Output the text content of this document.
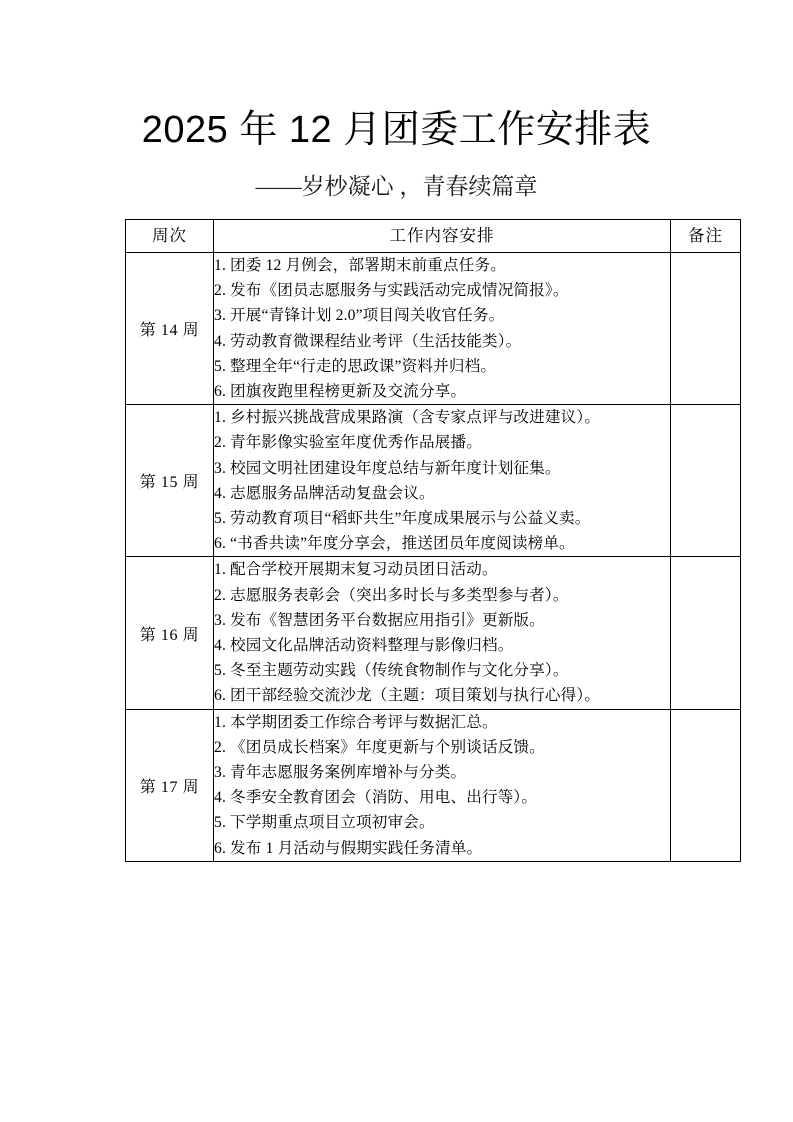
2025 年 12 月团委工作安排表

——岁杪凝心 ，青春续篇章

周次	工作内容安排	备注
第 14 周	
1. 团委 12 月例会，部署期末前重点任务。
2. 发布《团员志愿服务与实践活动完成情况简报》。
3. 开展“青锋计划 2.0”项目闯关收官任务。
4. 劳动教育微课程结业考评（生活技能类）。
5. 整理全年“行走的思政课”资料并归档。
6. 团旗夜跑里程榜更新及交流分享。

第 15 周	
1. 乡村振兴挑战营成果路演（含专家点评与改进建议）。
2. 青年影像实验室年度优秀作品展播。
3. 校园文明社团建设年度总结与新年度计划征集。
4. 志愿服务品牌活动复盘会议。
5. 劳动教育项目“稻虾共生”年度成果展示与公益义卖。
6. “书香共读”年度分享会，推送团员年度阅读榜单。

第 16 周	
1. 配合学校开展期末复习动员团日活动。
2. 志愿服务表彰会（突出多时长与多类型参与者）。
3. 发布《智慧团务平台数据应用指引》更新版。
4. 校园文化品牌活动资料整理与影像归档。
5. 冬至主题劳动实践（传统食物制作与文化分享）。
6. 团干部经验交流沙龙（主题：项目策划与执行心得）。

第 17 周	
1. 本学期团委工作综合考评与数据汇总。
2. 《团员成长档案》年度更新与个别谈话反馈。
3. 青年志愿服务案例库增补与分类。
4. 冬季安全教育团会（消防、用电、出行等）。
5. 下学期重点项目立项初审会。
6. 发布 1 月活动与假期实践任务清单。
